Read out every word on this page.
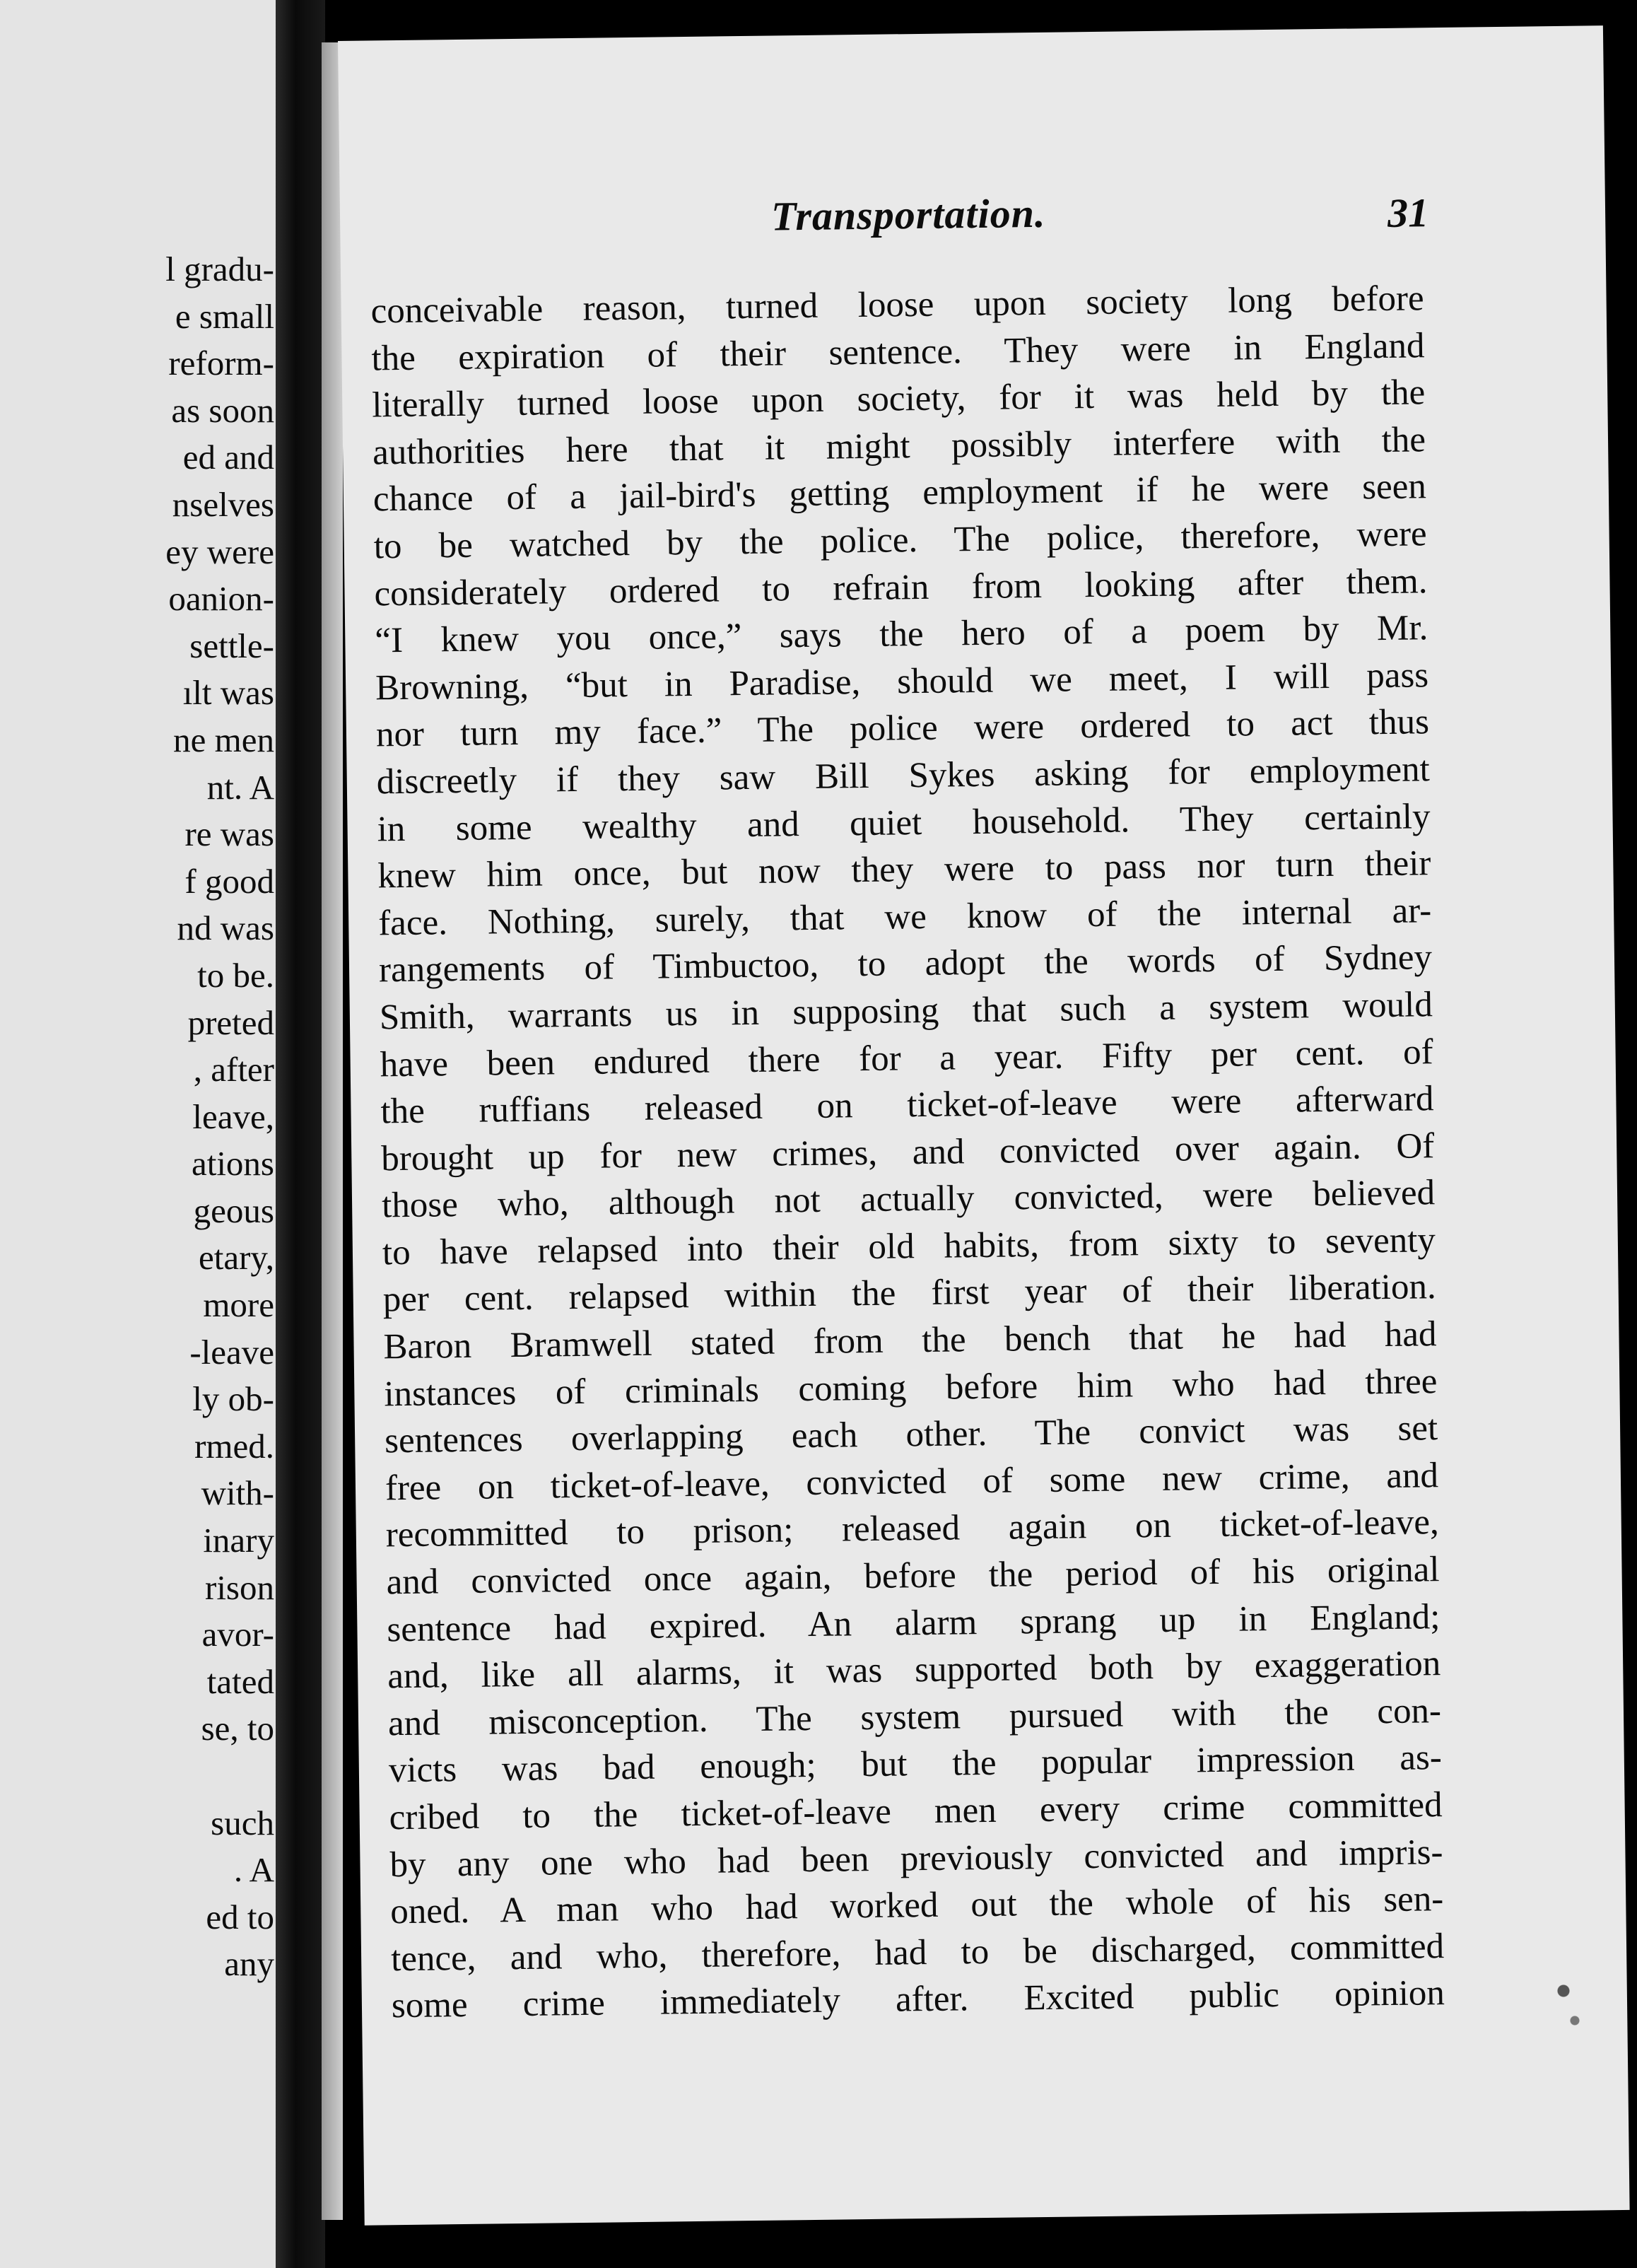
l gradu-
e small
reform-
as soon
ed and
nselves
ey were
oanion-
settle-
ılt was
ne men
nt. A
re was
f good
nd was
to be.
preted
, after
leave,
ations
geous
etary,
more
-leave
ly ob-
rmed.
with-
inary
rison
avor-
tated
se, to
such
. A
ed to
any
Transportation.	31
conceivable reason, turned loose upon society long before
the expiration of their sentence. They were in England
literally turned loose upon society, for it was held by the
authorities here that it might possibly interfere with the
chance of a jail-bird's getting employment if he were seen
to be watched by the police. The police, therefore, were
considerately ordered to refrain from looking after them.
“I knew you once,” says the hero of a poem by Mr.
Browning, “but in Paradise, should we meet, I will pass
nor turn my face.” The police were ordered to act thus
discreetly if they saw Bill Sykes asking for employment
in some wealthy and quiet household. They certainly
knew him once, but now they were to pass nor turn their
face. Nothing, surely, that we know of the internal ar-
rangements of Timbuctoo, to adopt the words of Sydney
Smith, warrants us in supposing that such a system would
have been endured there for a year. Fifty per cent. of
the ruffians released on ticket-of-leave were afterward
brought up for new crimes, and convicted over again. Of
those who, although not actually convicted, were believed
to have relapsed into their old habits, from sixty to seventy
per cent. relapsed within the first year of their liberation.
Baron Bramwell stated from the bench that he had had
instances of criminals coming before him who had three
sentences overlapping each other. The convict was set
free on ticket-of-leave, convicted of some new crime, and
recommitted to prison; released again on ticket-of-leave,
and convicted once again, before the period of his original
sentence had expired. An alarm sprang up in England;
and, like all alarms, it was supported both by exaggeration
and misconception. The system pursued with the con-
victs was bad enough; but the popular impression as-
cribed to the ticket-of-leave men every crime committed
by any one who had been previously convicted and impris-
oned. A man who had worked out the whole of his sen-
tence, and who, therefore, had to be discharged, committed
some crime immediately after. Excited public opinion
